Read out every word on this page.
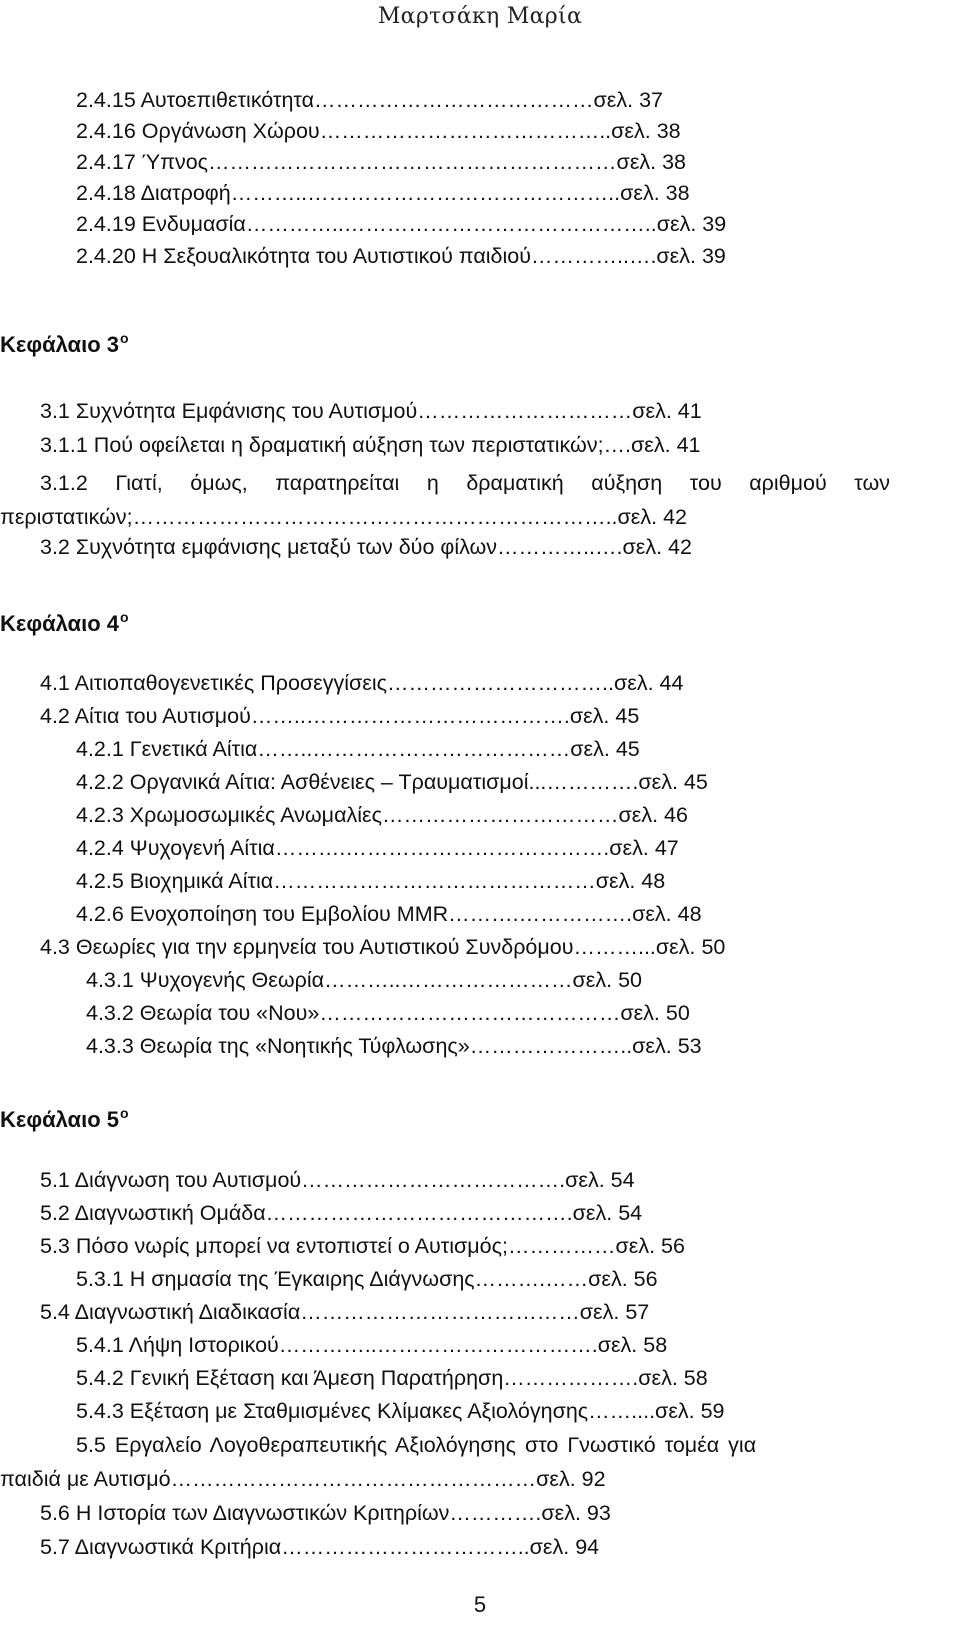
Μαρτσάκη Μαρία
2.4.15 Αυτοεπιθετικότητα…………………………………σελ. 37
2.4.16 Οργάνωση Χώρου…………………………………..σελ. 38
2.4.17 Ύπνος…………………………………………………σελ. 38
2.4.18 Διατροφή………..……………………………………..σελ. 38
2.4.19 Ενδυμασία…………..……………………………………..σελ. 39
2.4.20 Η Σεξουαλικότητα του Αυτιστικού παιδιού…………..….σελ. 39
Κεφάλαιο $3^o$
3.1 Συχνότητα Εμφάνισης του Αυτισμού…………………………σελ. 41
3.1.1 Πού οφείλεται η δραματική αύξηση των περιστατικών;….σελ. 41
3.1.2 Γιατί, όμως, παρατηρείται η δραματική αύξηση του αριθμού των περιστατικών;…………………………………………………………..σελ. 42
3.2 Συχνότητα εμφάνισης μεταξύ των δύο φίλων…………..….σελ. 42
Κεφάλαιο $4^o$
4.1 Αιτιοπαθογενετικές Προσεγγίσεις…………………………..σελ. 44
4.2 Αίτια του Αυτισμού……..……………………………….σελ. 45
4.2.1 Γενετικά Αίτια……..………………………………σελ. 45
4.2.2 Οργανικά Αίτια: Ασθένειες – Τραυματισμοί...………….σελ. 45
4.2.3 Χρωμοσωμικές Ανωμαλίες……………………………σελ. 46
4.2.4 Ψυχογενή Αίτια……….……………………………….σελ. 47
4.2.5 Βιοχημικά Αίτια………………………………………σελ. 48
4.2.6 Ενοχοποίηση του Εμβολίου MMR……….…………….σελ. 48
4.3 Θεωρίες για την ερμηνεία του Αυτιστικού Συνδρόμου………...σελ. 50
4.3.1 Ψυχογενής Θεωρία………..……………………σελ. 50
4.3.2 Θεωρία του «Νου»……………………………………σελ. 50
4.3.3 Θεωρία της «Νοητικής Τύφλωσης»…………………..σελ. 53
Κεφάλαιο $5^o$
5.1 Διάγνωση του Αυτισμού……………………………….σελ. 54
5.2 Διαγνωστική Ομάδα…………………………………….σελ. 54
5.3 Πόσο νωρίς μπορεί να εντοπιστεί ο Αυτισμός;……………σελ. 56
5.3.1 Η σημασία της Έγκαιρης Διάγνωσης……….……σελ. 56
5.4 Διαγνωστική Διαδικασία…………………………………σελ. 57
5.4.1 Λήψη Ιστορικού…………..………………………….σελ. 58
5.4.2 Γενική Εξέταση και Άμεση Παρατήρηση……………….σελ. 58
5.4.3 Εξέταση με Σταθμισμένες Κλίμακες Αξιολόγησης……....σελ. 59
5.5 Εργαλείο Λογοθεραπευτικής Αξιολόγησης στο Γνωστικό τομέα για
παιδιά με Αυτισμό……………………………………………σελ. 92
5.6 Η Ιστορία των Διαγνωστικών Κριτηρίων………….σελ. 93
5.7 Διαγνωστικά Κριτήρια……………………………..σελ. 94
5
